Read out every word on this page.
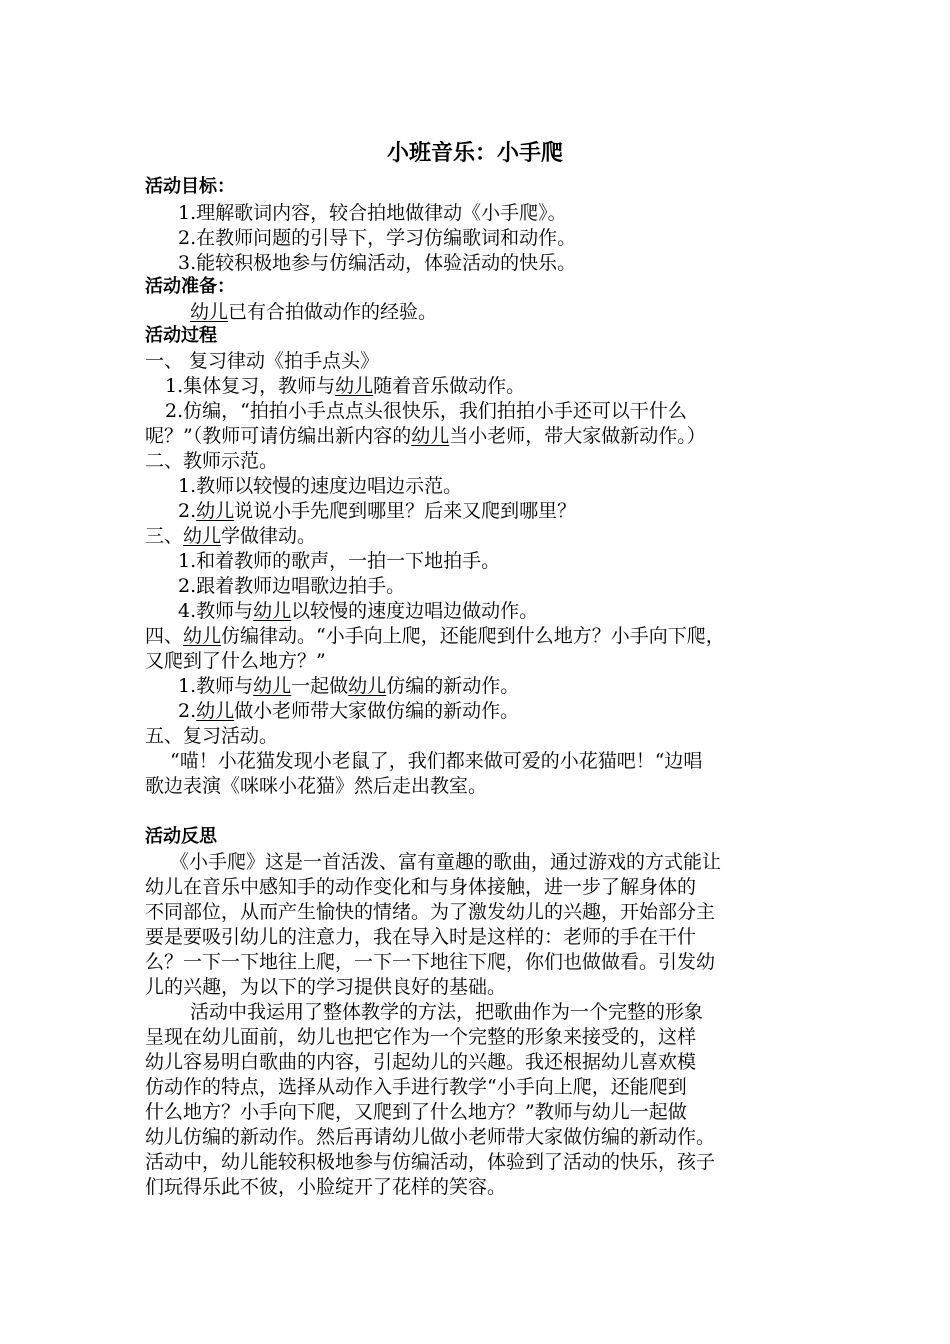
小班音乐：小手爬
活动目标：
1.理解歌词内容，较合拍地做律动《小手爬》。
2.在教师问题的引导下，学习仿编歌词和动作。
3.能较积极地参与仿编活动，体验活动的快乐。
活动准备：
幼儿已有合拍做动作的经验。
活动过程
一、 复习律动《拍手点头》
1.集体复习，教师与幼儿随着音乐做动作。
2.仿编，“拍拍小手点点头很快乐，我们拍拍小手还可以干什么
呢？”（教师可请仿编出新内容的幼儿当小老师，带大家做新动作。）
二、教师示范。
1.教师以较慢的速度边唱边示范。
2.幼儿说说小手先爬到哪里？后来又爬到哪里？
三、幼儿学做律动。
1.和着教师的歌声，一拍一下地拍手。
2.跟着教师边唱歌边拍手。
4.教师与幼儿以较慢的速度边唱边做动作。
四、幼儿仿编律动。“小手向上爬，还能爬到什么地方？小手向下爬，
又爬到了什么地方？”
1.教师与幼儿一起做幼儿仿编的新动作。
2.幼儿做小老师带大家做仿编的新动作。
五、复习活动。
“喵！小花猫发现小老鼠了，我们都来做可爱的小花猫吧！“边唱
歌边表演《咪咪小花猫》然后走出教室。
活动反思
《小手爬》这是一首活泼、富有童趣的歌曲，通过游戏的方式能让
幼儿在音乐中感知手的动作变化和与身体接触，进一步了解身体的
不同部位，从而产生愉快的情绪。为了激发幼儿的兴趣，开始部分主
要是要吸引幼儿的注意力，我在导入时是这样的：老师的手在干什
么？一下一下地往上爬，一下一下地往下爬，你们也做做看。引发幼
儿的兴趣，为以下的学习提供良好的基础。
活动中我运用了整体教学的方法，把歌曲作为一个完整的形象
呈现在幼儿面前，幼儿也把它作为一个完整的形象来接受的，这样
幼儿容易明白歌曲的内容，引起幼儿的兴趣。我还根据幼儿喜欢模
仿动作的特点，选择从动作入手进行教学“小手向上爬，还能爬到
什么地方？小手向下爬，又爬到了什么地方？”教师与幼儿一起做
幼儿仿编的新动作。然后再请幼儿做小老师带大家做仿编的新动作。
活动中，幼儿能较积极地参与仿编活动，体验到了活动的快乐，孩子
们玩得乐此不彼，小脸绽开了花样的笑容。
